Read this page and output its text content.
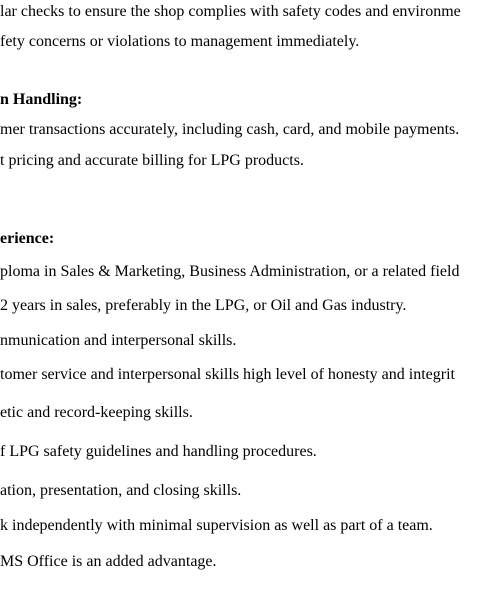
lar checks to ensure the shop complies with safety codes and environme
fety concerns or violations to management immediately.
n Handling:
mer transactions accurately, including cash, card, and mobile payments.
t pricing and accurate billing for LPG products.
erience:
ploma in Sales & Marketing, Business Administration, or a related field
2 years in sales, preferably in the LPG, or Oil and Gas industry.
nmunication and interpersonal skills.
tomer service and interpersonal skills high level of honesty and integrit
etic and record-keeping skills.
f LPG safety guidelines and handling procedures.
ation, presentation, and closing skills.
k independently with minimal supervision as well as part of a team.
MS Office is an added advantage.
